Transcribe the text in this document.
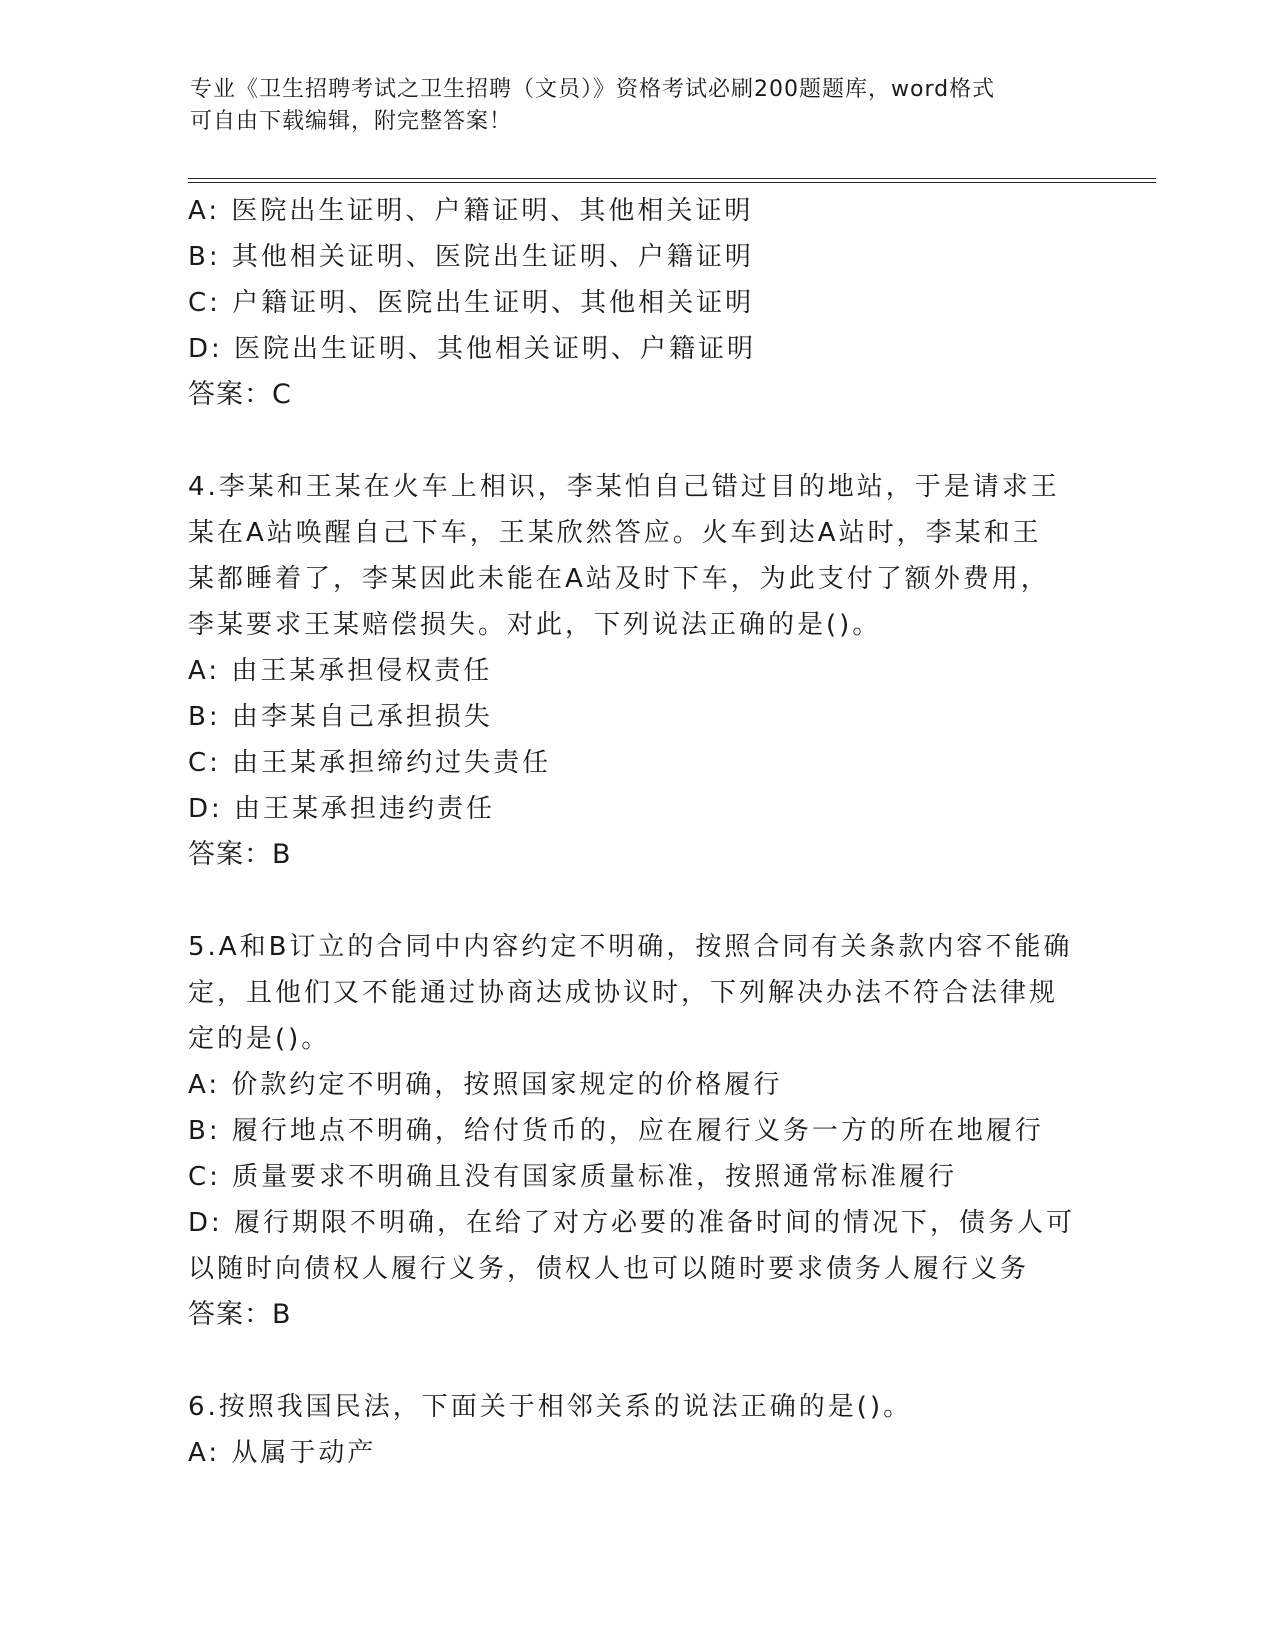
专业《卫生招聘考试之卫生招聘（文员）》资格考试必刷200题题库，word格式
可自由下载编辑，附完整答案！
A: 医院出生证明、户籍证明、其他相关证明
B: 其他相关证明、医院出生证明、户籍证明
C: 户籍证明、医院出生证明、其他相关证明
D: 医院出生证明、其他相关证明、户籍证明
答案：C
4.李某和王某在火车上相识，李某怕自己错过目的地站，于是请求王
某在A站唤醒自己下车，王某欣然答应。火车到达A站时，李某和王
某都睡着了，李某因此未能在A站及时下车，为此支付了额外费用，
李某要求王某赔偿损失。对此，下列说法正确的是()。
A: 由王某承担侵权责任
B: 由李某自己承担损失
C: 由王某承担缔约过失责任
D: 由王某承担违约责任
答案：B
5.A和B订立的合同中内容约定不明确，按照合同有关条款内容不能确
定，且他们又不能通过协商达成协议时，下列解决办法不符合法律规
定的是()。
A: 价款约定不明确，按照国家规定的价格履行
B: 履行地点不明确，给付货币的，应在履行义务一方的所在地履行
C: 质量要求不明确且没有国家质量标准，按照通常标准履行
D: 履行期限不明确，在给了对方必要的准备时间的情况下，债务人可
以随时向债权人履行义务，债权人也可以随时要求债务人履行义务
答案：B
6.按照我国民法，下面关于相邻关系的说法正确的是()。
A: 从属于动产
